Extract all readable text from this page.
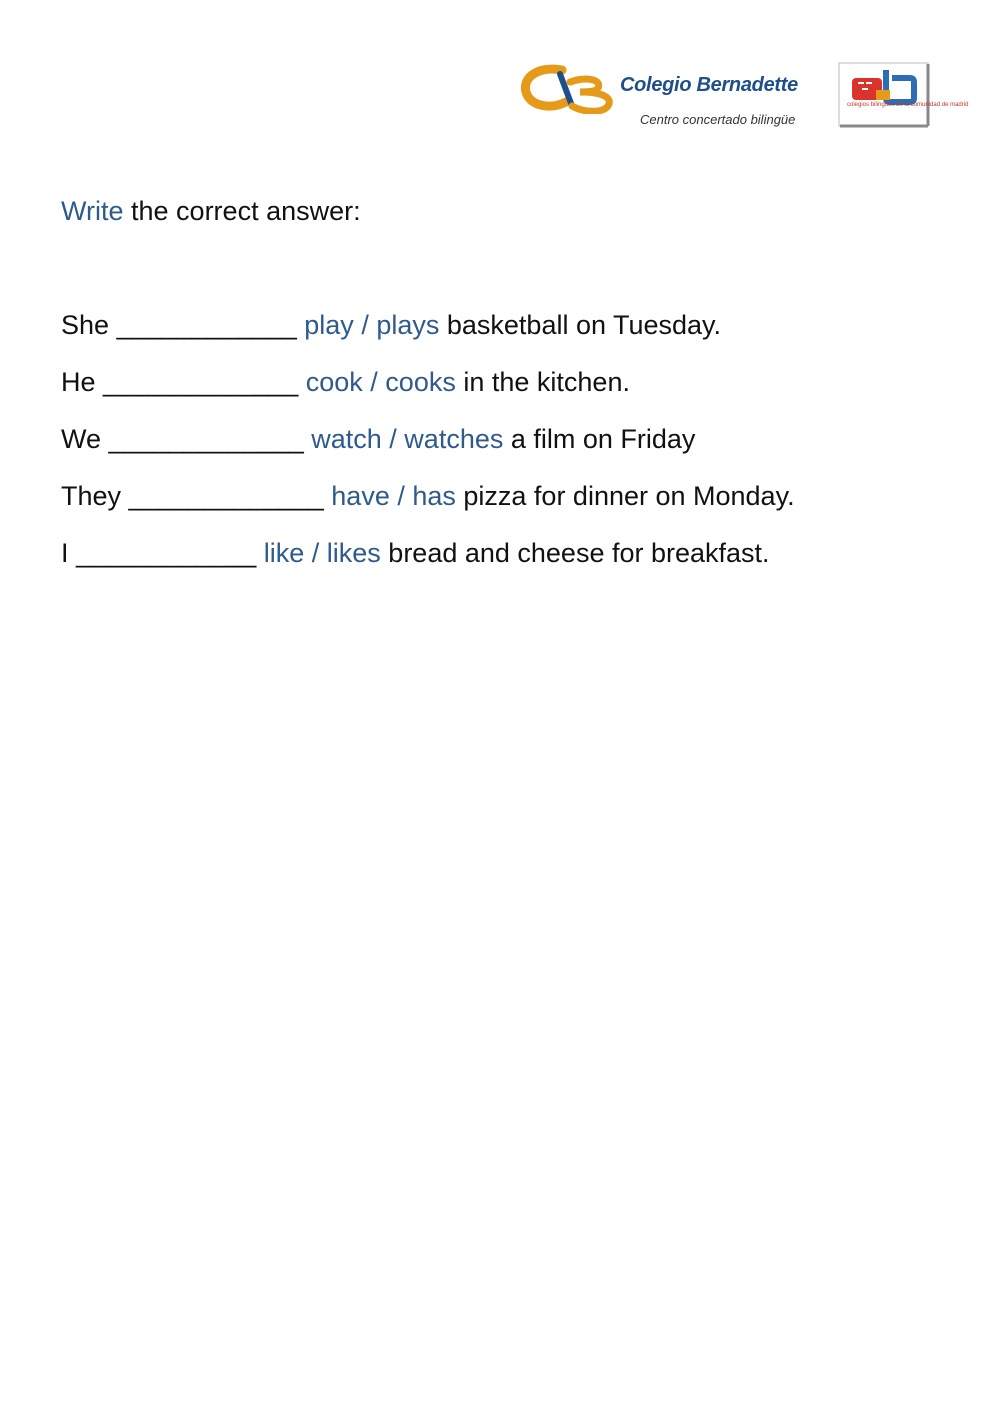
Colegio Bernadette
Centro concertado bilingüe
colegios bilingües de la comunidad de madrid
Write the correct answer:
She ____________ play / plays basketball on Tuesday.
He _____________ cook / cooks in the kitchen.
We _____________ watch / watches a film on Friday
They _____________ have / has pizza for dinner on Monday.
I ____________ like / likes bread and cheese for breakfast.
